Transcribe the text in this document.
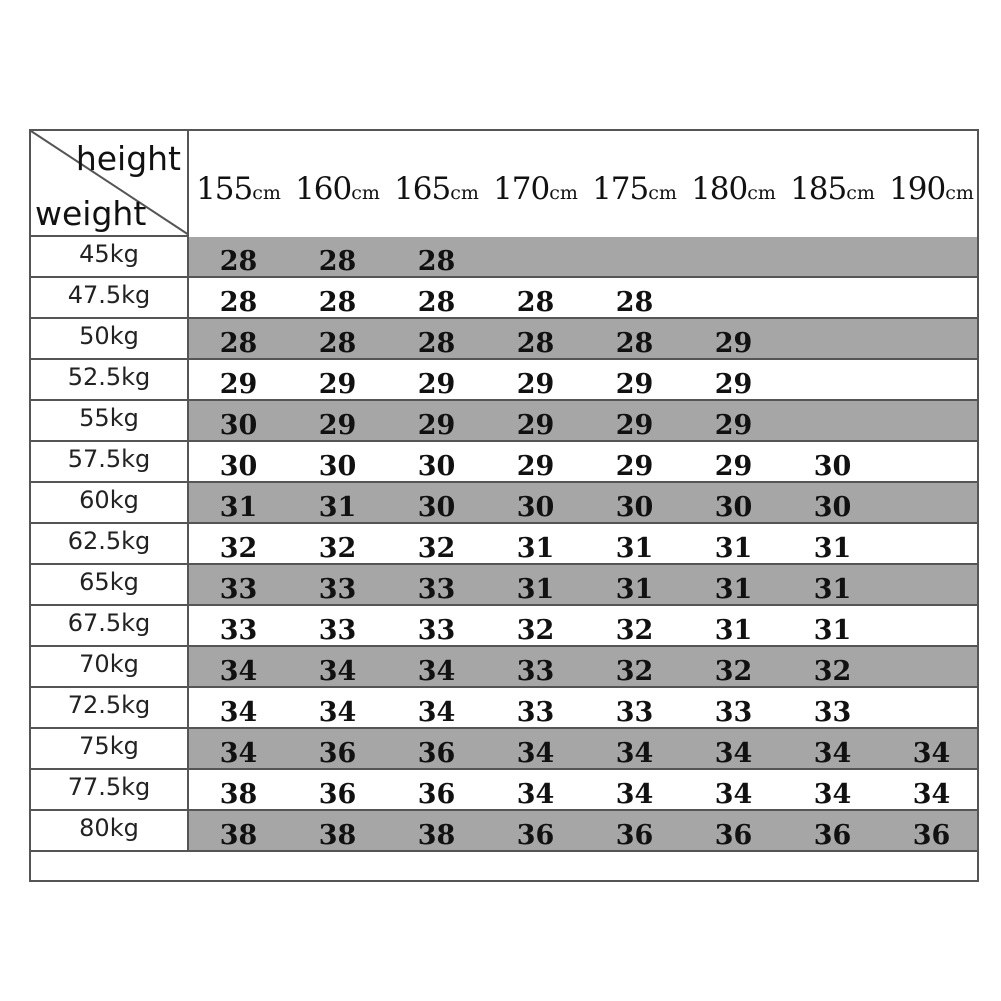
height
weight
155cm 160cm 165cm 170cm 175cm 180cm 185cm 190cm
45kg	28	28	28
47.5kg	28	28	28	28	28
50kg	28	28	28	28	28	29
52.5kg	29	29	29	29	29	29
55kg	30	29	29	29	29	29
57.5kg	30	30	30	29	29	29	30
60kg	31	31	30	30	30	30	30
62.5kg	32	32	32	31	31	31	31
65kg	33	33	33	31	31	31	31
67.5kg	33	33	33	32	32	31	31
70kg	34	34	34	33	32	32	32
72.5kg	34	34	34	33	33	33	33
75kg	34	36	36	34	34	34	34	34
77.5kg	38	36	36	34	34	34	34	34
80kg	38	38	38	36	36	36	36	36
